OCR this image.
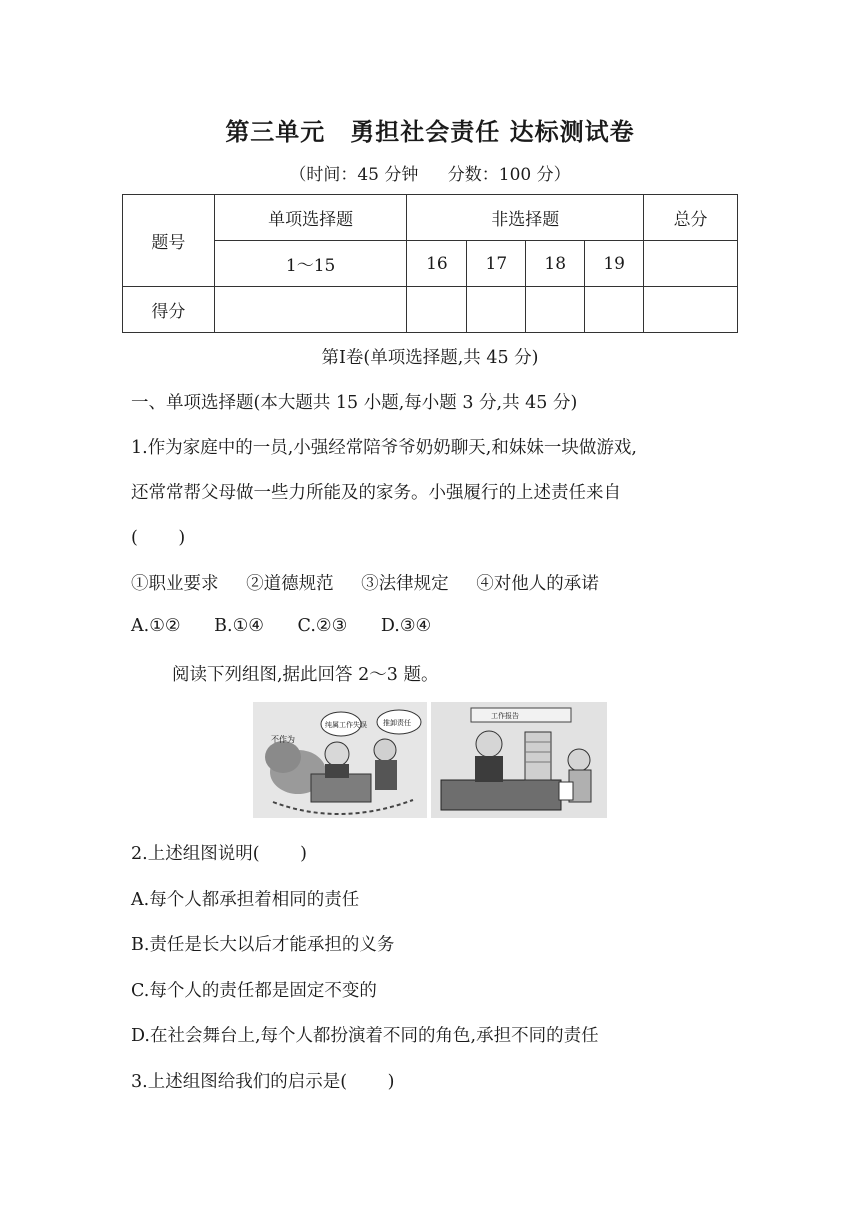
第三单元　勇担社会责任 达标测试卷
（时间：45 分钟 分数：100 分）
题号	单项选择题	非选择题				总分
	1～15	16	17	18	19	
得分						
第Ⅰ卷(单项选择题,共 45 分)
一、单项选择题(本大题共 15 小题,每小题 3 分,共 45 分)
1.作为家庭中的一员,小强经常陪爷爷奶奶聊天,和妹妹一块做游戏,
还常常帮父母做一些力所能及的家务。小强履行的上述责任来自
(　　 )
①职业要求 ②道德规范 ③法律规定 ④对他人的承诺
A.①② B.①④ C.②③ D.③④
阅读下列组图,据此回答 2～3 题。
不作为
纯属工作失误 推卸责任
工作报告
2.上述组图说明(　　 )
A.每个人都承担着相同的责任
B.责任是长大以后才能承担的义务
C.每个人的责任都是固定不变的
D.在社会舞台上,每个人都扮演着不同的角色,承担不同的责任
3.上述组图给我们的启示是(　　 )
